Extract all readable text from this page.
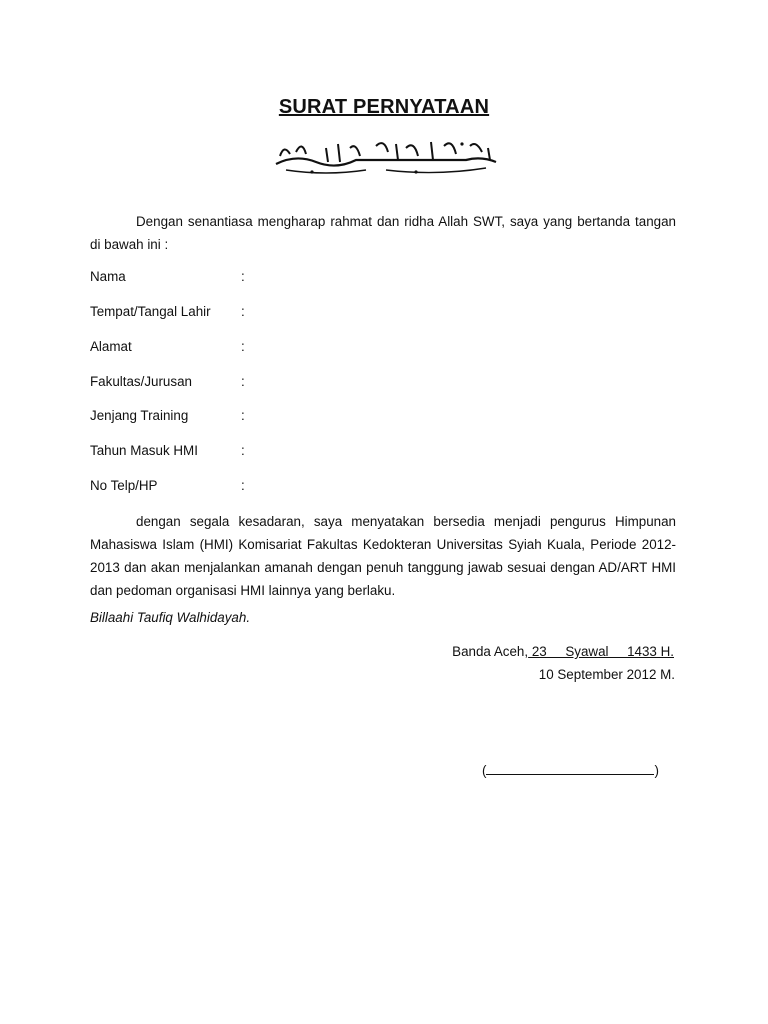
SURAT PERNYATAAN
Dengan senantiasa mengharap rahmat dan ridha Allah SWT, saya yang bertanda tangan di bawah ini :
Nama	:
Tempat/Tangal Lahir :
Alamat	:
Fakultas/Jurusan	:
Jenjang Training	:
Tahun Masuk HMI	:
No Telp/HP	:
dengan segala kesadaran, saya menyatakan bersedia menjadi pengurus Himpunan Mahasiswa Islam (HMI) Komisariat Fakultas Kedokteran Universitas Syiah Kuala, Periode 2012-2013 dan akan menjalankan amanah dengan penuh tanggung jawab sesuai dengan AD/ART HMI dan pedoman organisasi HMI lainnya yang berlaku.
Billaahi Taufiq Walhidayah.
Banda Aceh, 23     Syawal     1433 H.
10 September 2012 M.
(	)
